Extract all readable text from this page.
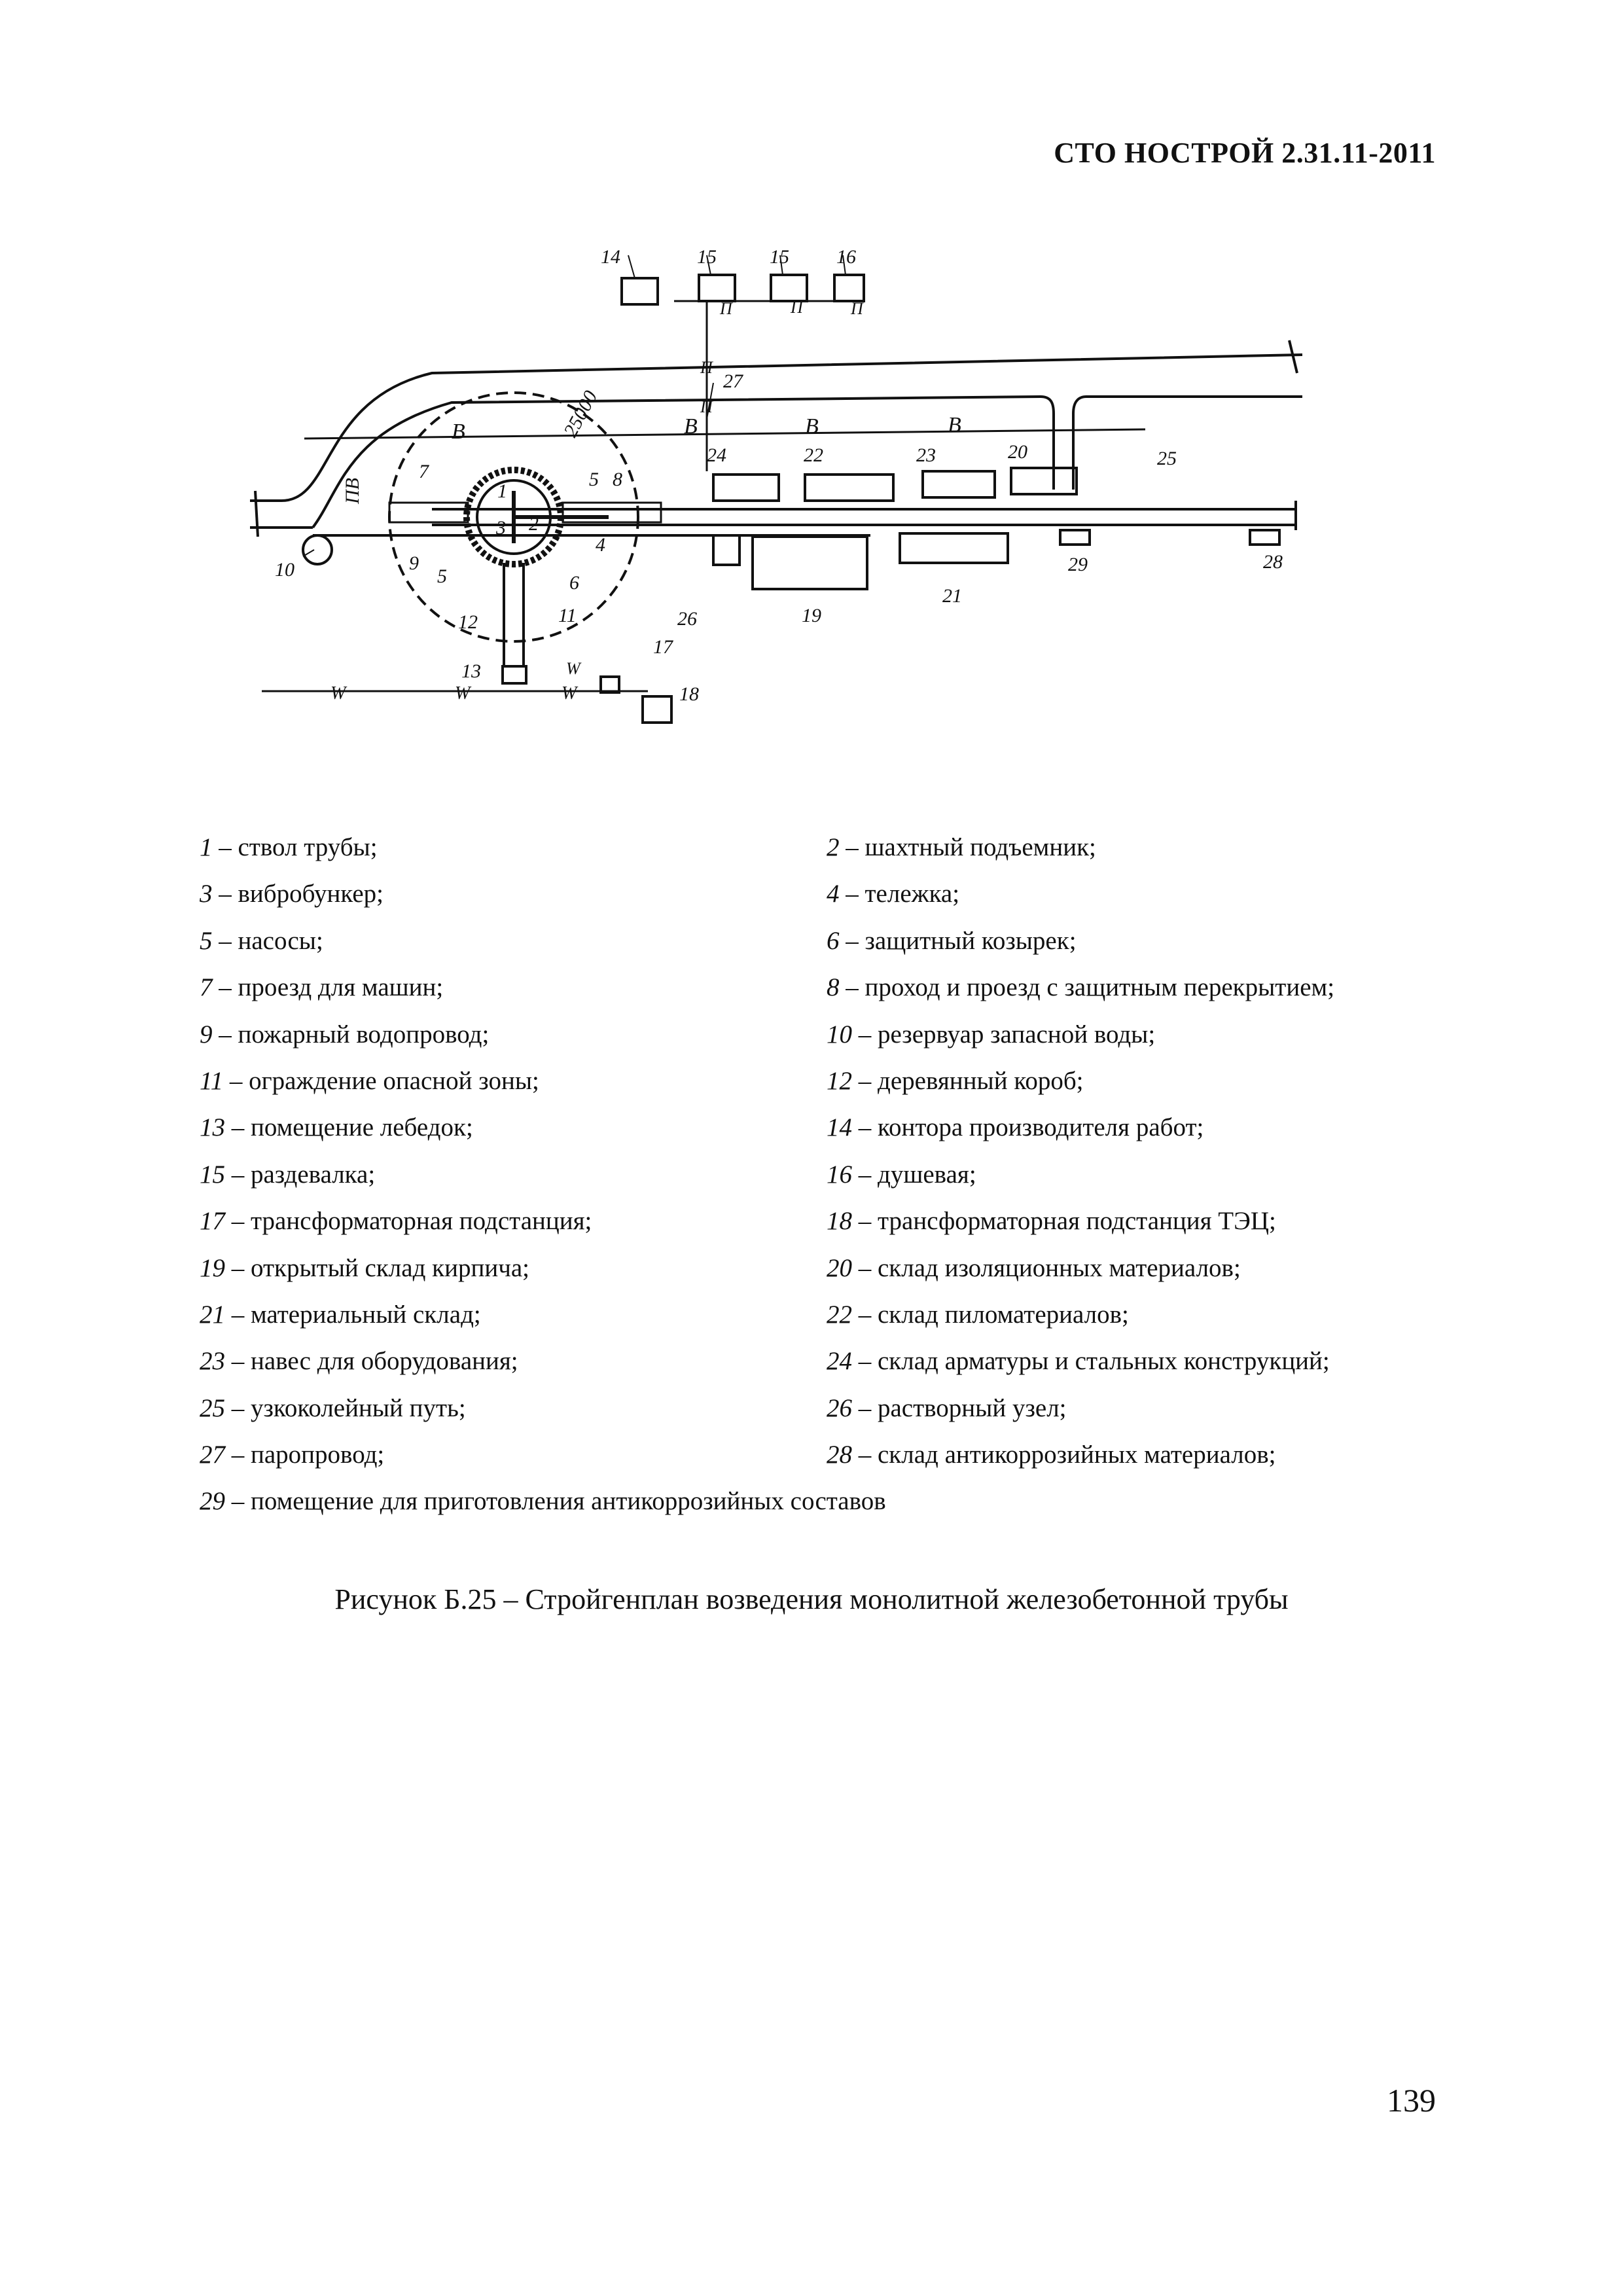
СТО НОСТРОЙ 2.31.11-2011
25000
В	В	В	В
ПВ
П
П
П	П	П
W	W	W
W
1
2
3
4
5
5	6
7	8
9
10
11
12
13
14	15	15 16
17
18
19
20
21
22	23
24	25
26
27
28
29
1 – ствол трубы;	2 – шахтный подъемник;
3 – вибробункер;	4 – тележка;
5 – насосы;	6 – защитный козырек;
7 – проезд для машин;	8 – проход и проезд с защитным перекрытием;
9 – пожарный водопровод;	10 – резервуар запасной воды;
11 – ограждение опасной зоны;	12 – деревянный короб;
13 – помещение лебедок;	14 – контора производителя работ;
15 – раздевалка;	16 – душевая;
17 – трансформаторная подстанция;	18 – трансформаторная подстанция ТЭЦ;
19 – открытый склад кирпича;	20 – склад изоляционных материалов;
21 – материальный склад;	22 – склад пиломатериалов;
23 – навес для оборудования;	24 – склад арматуры и стальных конструкций;
25 – узкоколейный путь;	26 – растворный узел;
27 – паропровод;	28 – склад антикоррозийных материалов;
29 – помещение для приготовления антикоррозийных составов
Рисунок Б.25 – Стройгенплан возведения монолитной железобетонной трубы
139
